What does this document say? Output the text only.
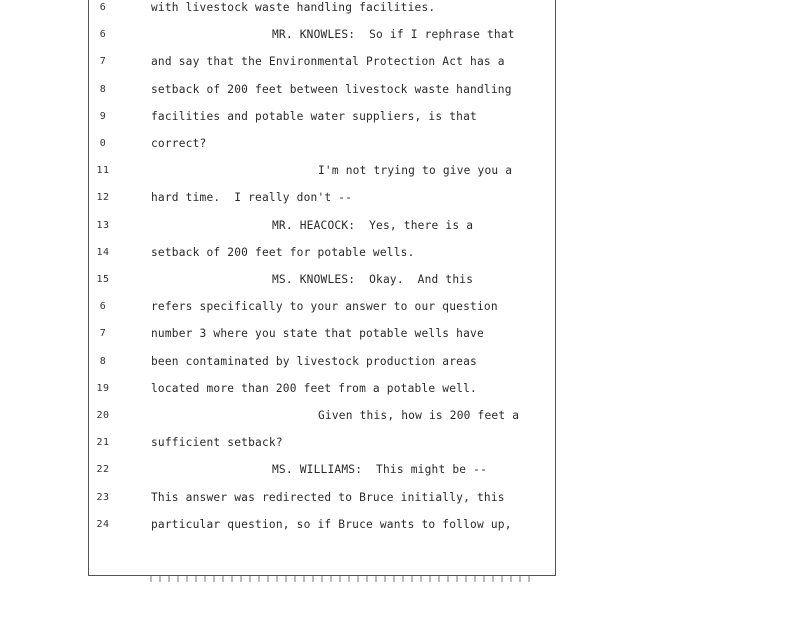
6	with livestock waste handling facilities.
6	MR. KNOWLES:  So if I rephrase that
7	and say that the Environmental Protection Act has a
8	setback of 200 feet between livestock waste handling
9	facilities and potable water suppliers, is that
0	correct?
11	I'm not trying to give you a
12	hard time.  I really don't --
13	MR. HEACOCK:  Yes, there is a
14	setback of 200 feet for potable wells.
15	MS. KNOWLES:  Okay.  And this
6	refers specifically to your answer to our question
7	number 3 where you state that potable wells have
8	been contaminated by livestock production areas
19	located more than 200 feet from a potable well.
20	Given this, how is 200 feet a
21	sufficient setback?
22	MS. WILLIAMS:  This might be --
23	This answer was redirected to Bruce initially, this
24	particular question, so if Bruce wants to follow up,
